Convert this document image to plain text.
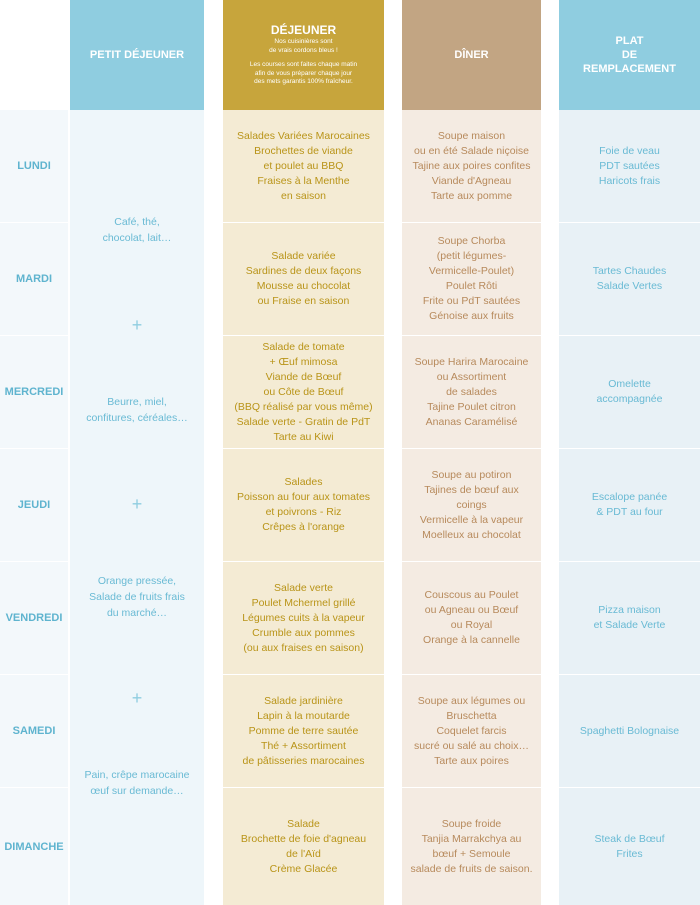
PETIT DÉJEUNER
DÉJEUNER
Nos cuisinières sont
de vrais cordons bleus !
Les courses sont faites chaque matin
afin de vous préparer chaque jour
des mets garantis 100% fraîcheur.
DÎNER
PLAT
DE
REMPLACEMENT
Café, thé,
chocolat, lait…
+
Beurre, miel,
confitures, céréales…
+
Orange pressée,
Salade de fruits frais
du marché…
+
Pain, crêpe marocaine
œuf sur demande…
LUNDI
Salades Variées Marocaines
Brochettes de viande
et poulet au BBQ
Fraises à la Menthe
en saison
Soupe maison
ou en été Salade niçoise
Tajine aux poires confites
Viande d'Agneau
Tarte aux pomme
Foie de veau
PDT sautées
Haricots frais
MARDI
Salade variée
Sardines de deux façons
Mousse au chocolat
ou Fraise en saison
Soupe Chorba
(petit légumes-
Vermicelle-Poulet)
Poulet Rôti
Frite ou PdT sautées
Génoise aux fruits
Tartes Chaudes
Salade Vertes
MERCREDI
Salade de tomate
+ Œuf mimosa
Viande de Bœuf
ou Côte de Bœuf
(BBQ réalisé par vous même)
Salade verte - Gratin de PdT
Tarte au Kiwi
Soupe Harira Marocaine
ou Assortiment
de salades
Tajine Poulet citron
Ananas Caramélisé
Omelette
accompagnée
JEUDI
Salades
Poisson au four aux tomates
et poivrons - Riz
Crêpes à l'orange
Soupe au potiron
Tajines de bœuf aux
coings
Vermicelle à la vapeur
Moelleux au chocolat
Escalope panée
& PDT au four
VENDREDI
Salade verte
Poulet Mchermel grillé
Légumes cuits à la vapeur
Crumble aux pommes
(ou aux fraises en saison)
Couscous au Poulet
ou Agneau ou Bœuf
ou Royal
Orange à la cannelle
Pizza maison
et Salade Verte
SAMEDI
Salade jardinière
Lapin à la moutarde
Pomme de terre sautée
Thé + Assortiment
de pâtisseries marocaines
Soupe aux légumes ou
Bruschetta
Coquelet farcis
sucré ou salé au choix…
Tarte aux poires
Spaghetti Bolognaise
DIMANCHE
Salade
Brochette de foie d'agneau
de l'Aïd
Crème Glacée
Soupe froide
Tanjia Marrakchya au
bœuf + Semoule
salade de fruits de saison.
Steak de Bœuf
Frites
